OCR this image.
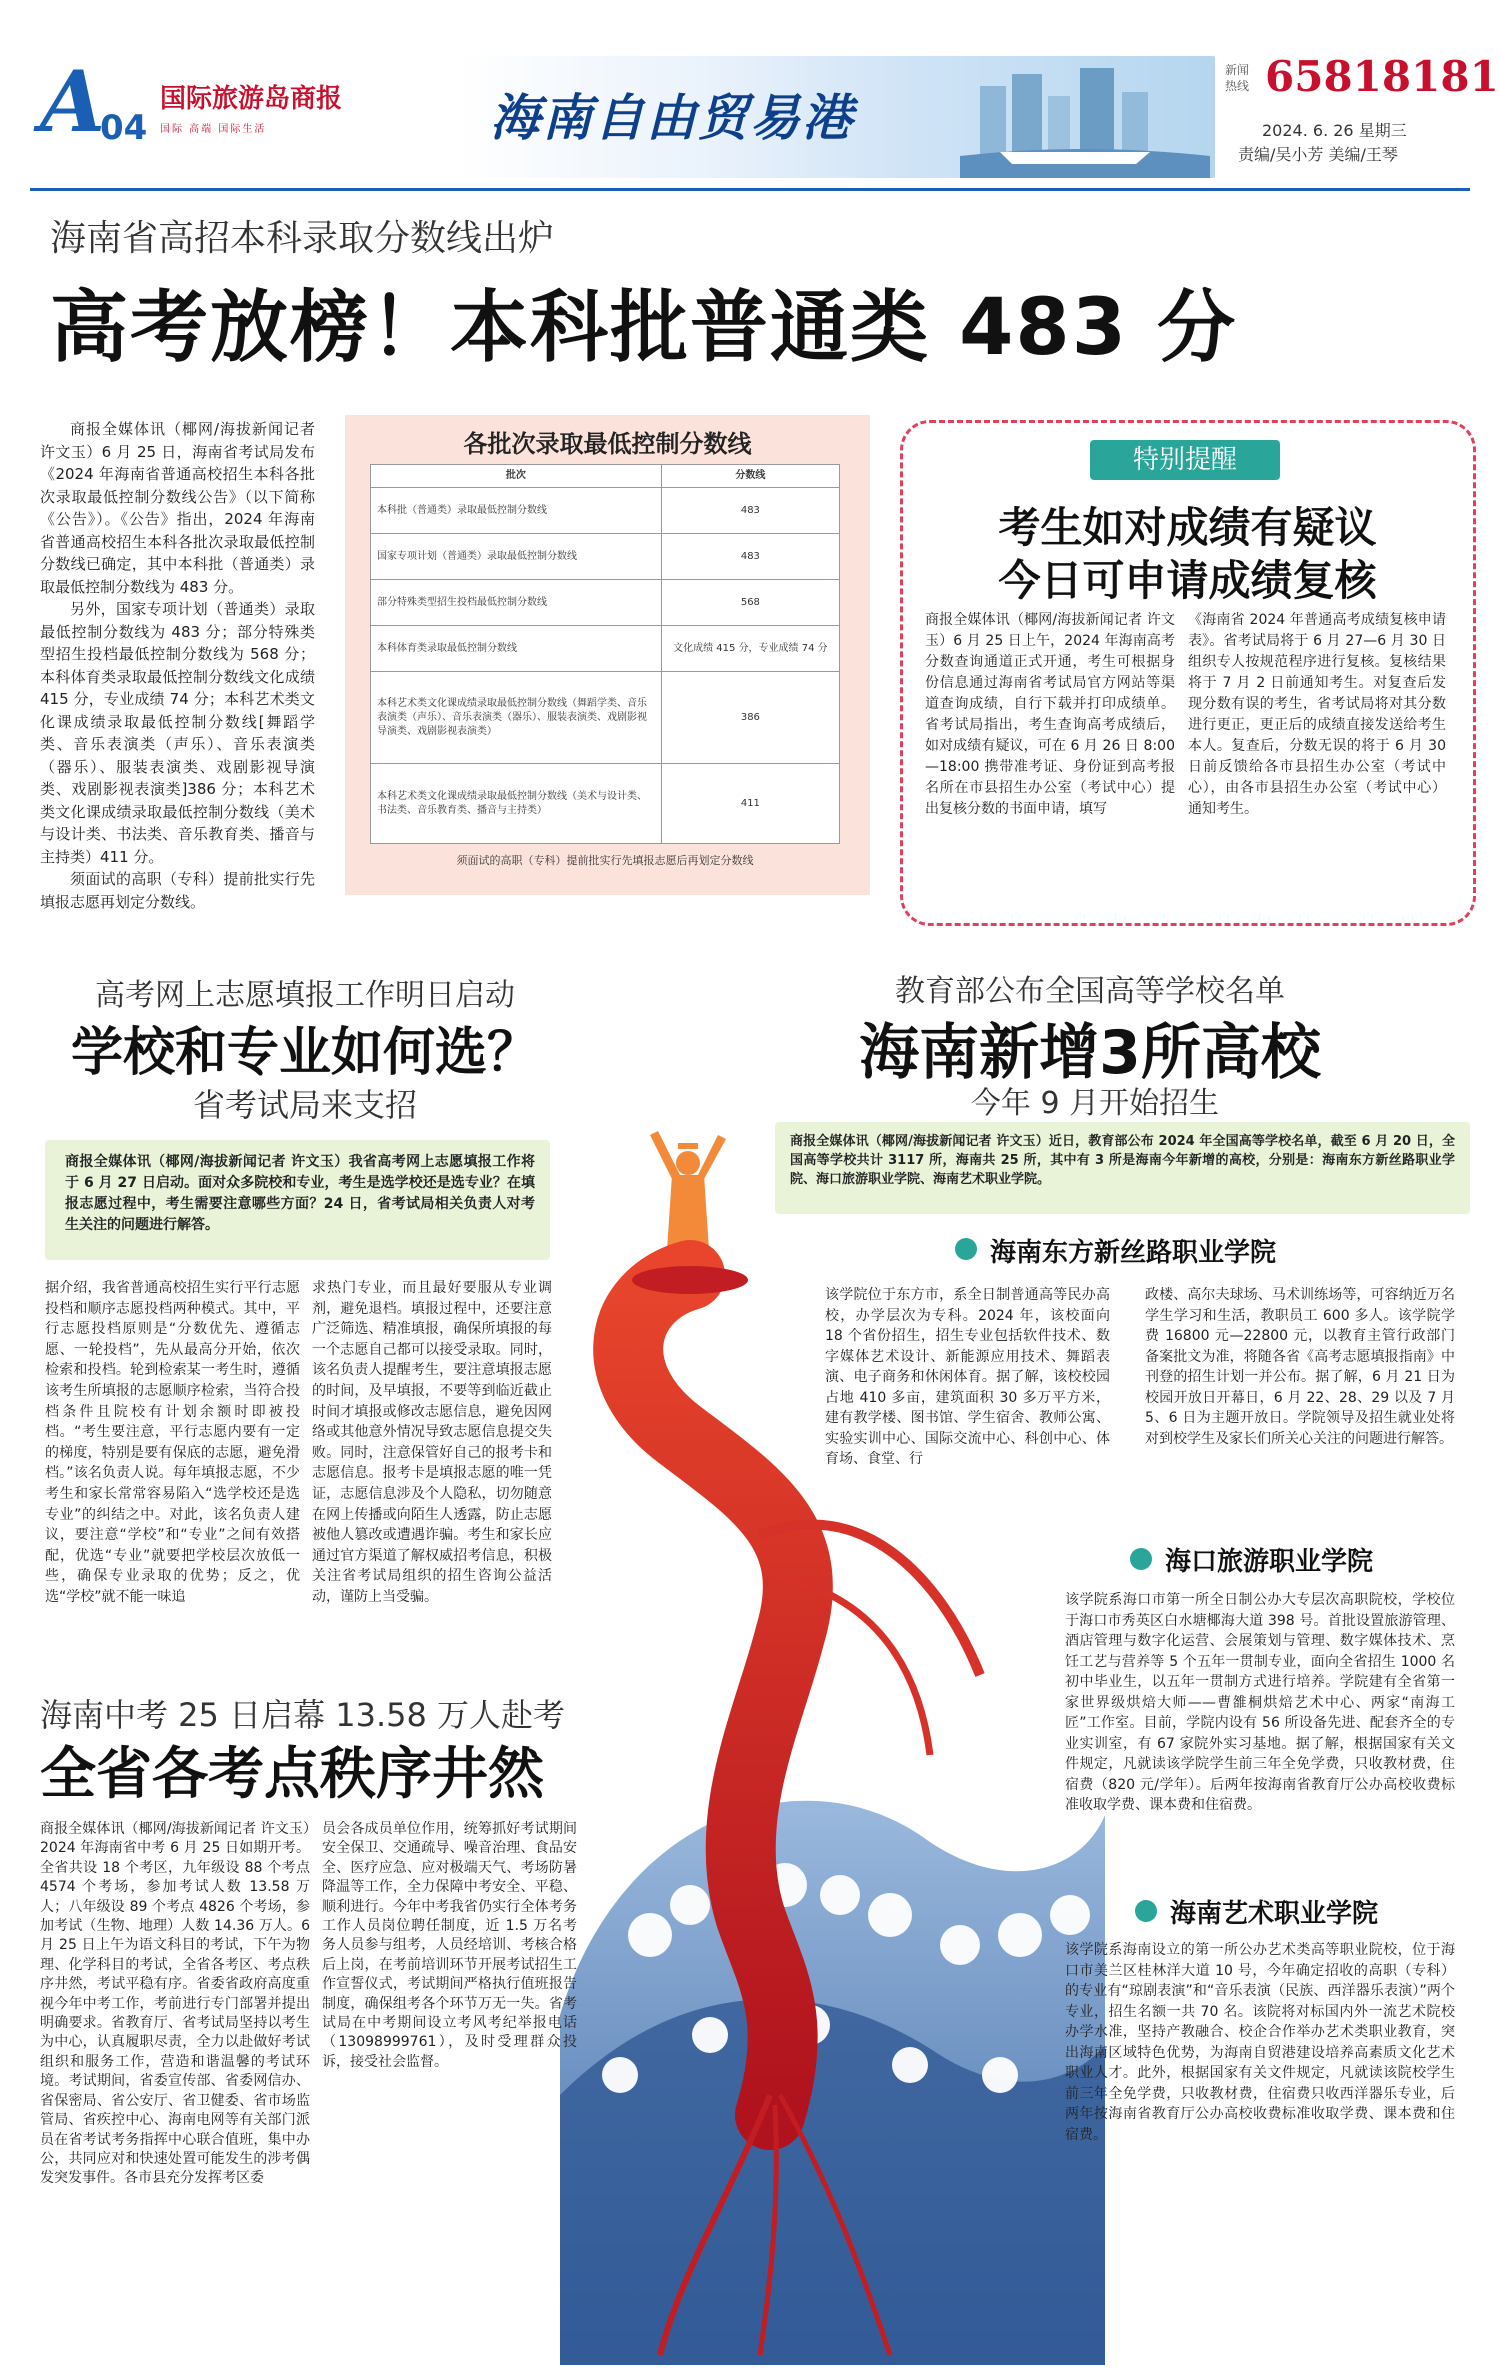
A
04
国际旅游岛商报
国际 高端 国际生活	海南自由贸易港
新闻热线 65818181
2024. 6. 26 星期三
责编/吴小芳 美编/王琴
海南省高招本科录取分数线出炉
高考放榜！本科批普通类 483 分

商报全媒体讯（椰网/海拔新闻记者 许文玉）6 月 25 日，海南省考试局发布《2024 年海南省普通高校招生本科各批次录取最低控制分数线公告》（以下简称《公告》）。《公告》指出，2024 年海南省普通高校招生本科各批次录取最低控制分数线已确定，其中本科批（普通类）录取最低控制分数线为 483 分。

另外，国家专项计划（普通类）录取最低控制分数线为 483 分；部分特殊类型招生投档最低控制分数线为 568 分；本科体育类录取最低控制分数线文化成绩 415 分，专业成绩 74 分；本科艺术类文化课成绩录取最低控制分数线[舞蹈学类、音乐表演类（声乐）、音乐表演类（器乐）、服装表演类、戏剧影视导演类、戏剧影视表演类]386 分；本科艺术类文化课成绩录取最低控制分数线（美术与设计类、书法类、音乐教育类、播音与主持类）411 分。

须面试的高职（专科）提前批实行先填报志愿再划定分数线。

各批次录取最低控制分数线
批次	分数线
本科批（普通类）录取最低控制分数线	483
国家专项计划（普通类）录取最低控制分数线	483
部分特殊类型招生投档最低控制分数线	568
本科体育类录取最低控制分数线	文化成绩 415 分，专业成绩 74 分
本科艺术类文化课成绩录取最低控制分数线（舞蹈学类、音乐表演类（声乐）、音乐表演类（器乐）、服装表演类、戏剧影视导演类、戏剧影视表演类）	386
本科艺术类文化课成绩录取最低控制分数线（美术与设计类、书法类、音乐教育类、播音与主持类）	411
须面试的高职（专科）提前批实行先填报志愿后再划定分数线
特别提醒
考生如对成绩有疑议
今日可申请成绩复核
商报全媒体讯（椰网/海拔新闻记者 许文玉）6 月 25 日上午，2024 年海南高考分数查询通道正式开通，考生可根据身份信息通过海南省考试局官方网站等渠道查询成绩，自行下载并打印成绩单。省考试局指出，考生查询高考成绩后，如对成绩有疑议，可在 6 月 26 日 8:00—18:00 携带准考证、身份证到高考报名所在市县招生办公室（考试中心）提出复核分数的书面申请，填写
《海南省 2024 年普通高考成绩复核申请表》。省考试局将于 6 月 27—6 月 30 日组织专人按规范程序进行复核。复核结果将于 7 月 2 日前通知考生。对复查后发现分数有误的考生，省考试局将对其分数进行更正，更正后的成绩直接发送给考生本人。复查后，分数无误的将于 6 月 30 日前反馈给各市县招生办公室（考试中心），由各市县招生办公室（考试中心）通知考生。
高考网上志愿填报工作明日启动
学校和专业如何选？
省考试局来支招
商报全媒体讯（椰网/海拔新闻记者 许文玉）我省高考网上志愿填报工作将于 6 月 27 日启动。面对众多院校和专业，考生是选学校还是选专业？在填报志愿过程中，考生需要注意哪些方面？24 日，省考试局相关负责人对考生关注的问题进行解答。
据介绍，我省普通高校招生实行平行志愿投档和顺序志愿投档两种模式。其中，平行志愿投档原则是“分数优先、遵循志愿、一轮投档”，先从最高分开始，依次检索和投档。轮到检索某一考生时，遵循该考生所填报的志愿顺序检索，当符合投档条件且院校有计划余额时即被投档。“考生要注意，平行志愿内要有一定的梯度，特别是要有保底的志愿，避免滑档。”该名负责人说。每年填报志愿，不少考生和家长常常容易陷入“选学校还是选专业”的纠结之中。对此，该名负责人建议，要注意“学校”和“专业”之间有效搭配，优选“专业”就要把学校层次放低一些，确保专业录取的优势；反之，优选“学校”就不能一味追
求热门专业，而且最好要服从专业调剂，避免退档。填报过程中，还要注意广泛筛选、精准填报，确保所填报的每一个志愿自己都可以接受录取。同时，该名负责人提醒考生，要注意填报志愿的时间，及早填报，不要等到临近截止时间才填报或修改志愿信息，避免因网络或其他意外情况导致志愿信息提交失败。同时，注意保管好自己的报考卡和志愿信息。报考卡是填报志愿的唯一凭证，志愿信息涉及个人隐私，切勿随意在网上传播或向陌生人透露，防止志愿被他人篡改或遭遇诈骗。考生和家长应通过官方渠道了解权威招考信息，积极关注省考试局组织的招生咨询公益活动，谨防上当受骗。
教育部公布全国高等学校名单
海南新增3所高校
今年 9 月开始招生
商报全媒体讯（椰网/海拔新闻记者 许文玉）近日，教育部公布 2024 年全国高等学校名单，截至 6 月 20 日，全国高等学校共计 3117 所，海南共 25 所，其中有 3 所是海南今年新增的高校，分别是：海南东方新丝路职业学院、海口旅游职业学院、海南艺术职业学院。
海南东方新丝路职业学院
该学院位于东方市，系全日制普通高等民办高校，办学层次为专科。2024 年，该校面向 18 个省份招生，招生专业包括软件技术、数字媒体艺术设计、新能源应用技术、舞蹈表演、电子商务和休闲体育。据了解，该校校园占地 410 多亩，建筑面积 30 多万平方米，建有教学楼、图书馆、学生宿舍、教师公寓、实验实训中心、国际交流中心、科创中心、体育场、食堂、行
政楼、高尔夫球场、马术训练场等，可容纳近万名学生学习和生活，教职员工 600 多人。该学院学费 16800 元—22800 元，以教育主管行政部门备案批文为准，将随各省《高考志愿填报指南》中刊登的招生计划一并公布。据了解，6 月 21 日为校园开放日开幕日，6 月 22、28、29 以及 7 月 5、6 日为主题开放日。学院领导及招生就业处将对到校学生及家长们所关心关注的问题进行解答。
海口旅游职业学院
该学院系海口市第一所全日制公办大专层次高职院校，学校位于海口市秀英区白水塘椰海大道 398 号。首批设置旅游管理、酒店管理与数字化运营、会展策划与管理、数字媒体技术、烹饪工艺与营养等 5 个五年一贯制专业，面向全省招生 1000 名初中毕业生，以五年一贯制方式进行培养。学院建有全省第一家世界级烘焙大师——曹雒桐烘焙艺术中心、两家“南海工匠”工作室。目前，学院内设有 56 所设备先进、配套齐全的专业实训室，有 67 家院外实习基地。据了解，根据国家有关文件规定，凡就读该学院学生前三年全免学费，只收教材费，住宿费（820 元/学年）。后两年按海南省教育厅公办高校收费标准收取学费、课本费和住宿费。
海南艺术职业学院
该学院系海南设立的第一所公办艺术类高等职业院校，位于海口市美兰区桂林洋大道 10 号，今年确定招收的高职（专科）的专业有“琼剧表演”和“音乐表演（民族、西洋器乐表演）”两个专业，招生名额一共 70 名。该院将对标国内外一流艺术院校办学水准，坚持产教融合、校企合作举办艺术类职业教育，突出海南区域特色优势，为海南自贸港建设培养高素质文化艺术职业人才。此外，根据国家有关文件规定，凡就读该院校学生前三年全免学费，只收教材费，住宿费只收西洋器乐专业，后两年按海南省教育厅公办高校收费标准收取学费、课本费和住宿费。
海南中考 25 日启幕 13.58 万人赴考
全省各考点秩序井然
商报全媒体讯（椰网/海拔新闻记者 许文玉）2024 年海南省中考 6 月 25 日如期开考。全省共设 18 个考区，九年级设 88 个考点 4574 个考场，参加考试人数 13.58 万人；八年级设 89 个考点 4826 个考场，参加考试（生物、地理）人数 14.36 万人。6 月 25 日上午为语文科目的考试，下午为物理、化学科目的考试，全省各考区、考点秩序井然，考试平稳有序。省委省政府高度重视今年中考工作，考前进行专门部署并提出明确要求。省教育厅、省考试局坚持以考生为中心，认真履职尽责，全力以赴做好考试组织和服务工作，营造和谐温馨的考试环境。考试期间，省委宣传部、省委网信办、省保密局、省公安厅、省卫健委、省市场监管局、省疾控中心、海南电网等有关部门派员在省考试考务指挥中心联合值班，集中办公，共同应对和快速处置可能发生的涉考偶发突发事件。各市县充分发挥考区委
员会各成员单位作用，统筹抓好考试期间安全保卫、交通疏导、噪音治理、食品安全、医疗应急、应对极端天气、考场防暑降温等工作，全力保障中考安全、平稳、顺利进行。今年中考我省仍实行全体考务工作人员岗位聘任制度，近 1.5 万名考务人员参与组考，人员经培训、考核合格后上岗，在考前培训环节开展考试招生工作宣誓仪式，考试期间严格执行值班报告制度，确保组考各个环节万无一失。省考试局在中考期间设立考风考纪举报电话（13098999761），及时受理群众投诉，接受社会监督。
